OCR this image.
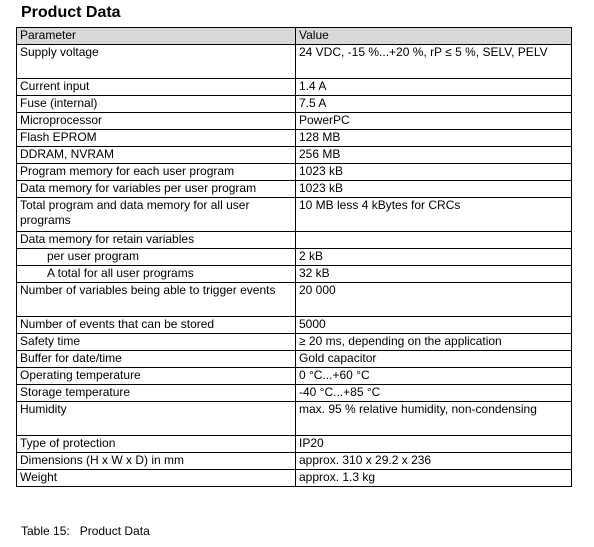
Product Data
Parameter	Value
Supply voltage	24 VDC, -15 %...+20 %, rP ≤ 5 %, SELV, PELV
Current input	1.4 A
Fuse (internal)	7.5 A
Microprocessor	PowerPC
Flash EPROM	128 MB
DDRAM, NVRAM	256 MB
Program memory for each user program	1023 kB
Data memory for variables per user program	1023 kB
Total program and data memory for all user programs	10 MB less 4 kBytes for CRCs
Data memory for retain variables	
per user program	2 kB
A total for all user programs	32 kB
Number of variables being able to trigger events	20 000
Number of events that can be stored	5000
Safety time	≥ 20 ms, depending on the application
Buffer for date/time	Gold capacitor
Operating temperature	0 °C...+60 °C
Storage temperature	-40 °C...+85 °C
Humidity	max. 95 % relative humidity, non-condensing
Type of protection	IP20
Dimensions (H x W x D) in mm	approx. 310 x 29.2 x 236
Weight	approx. 1.3 kg
Table 15:   Product Data
